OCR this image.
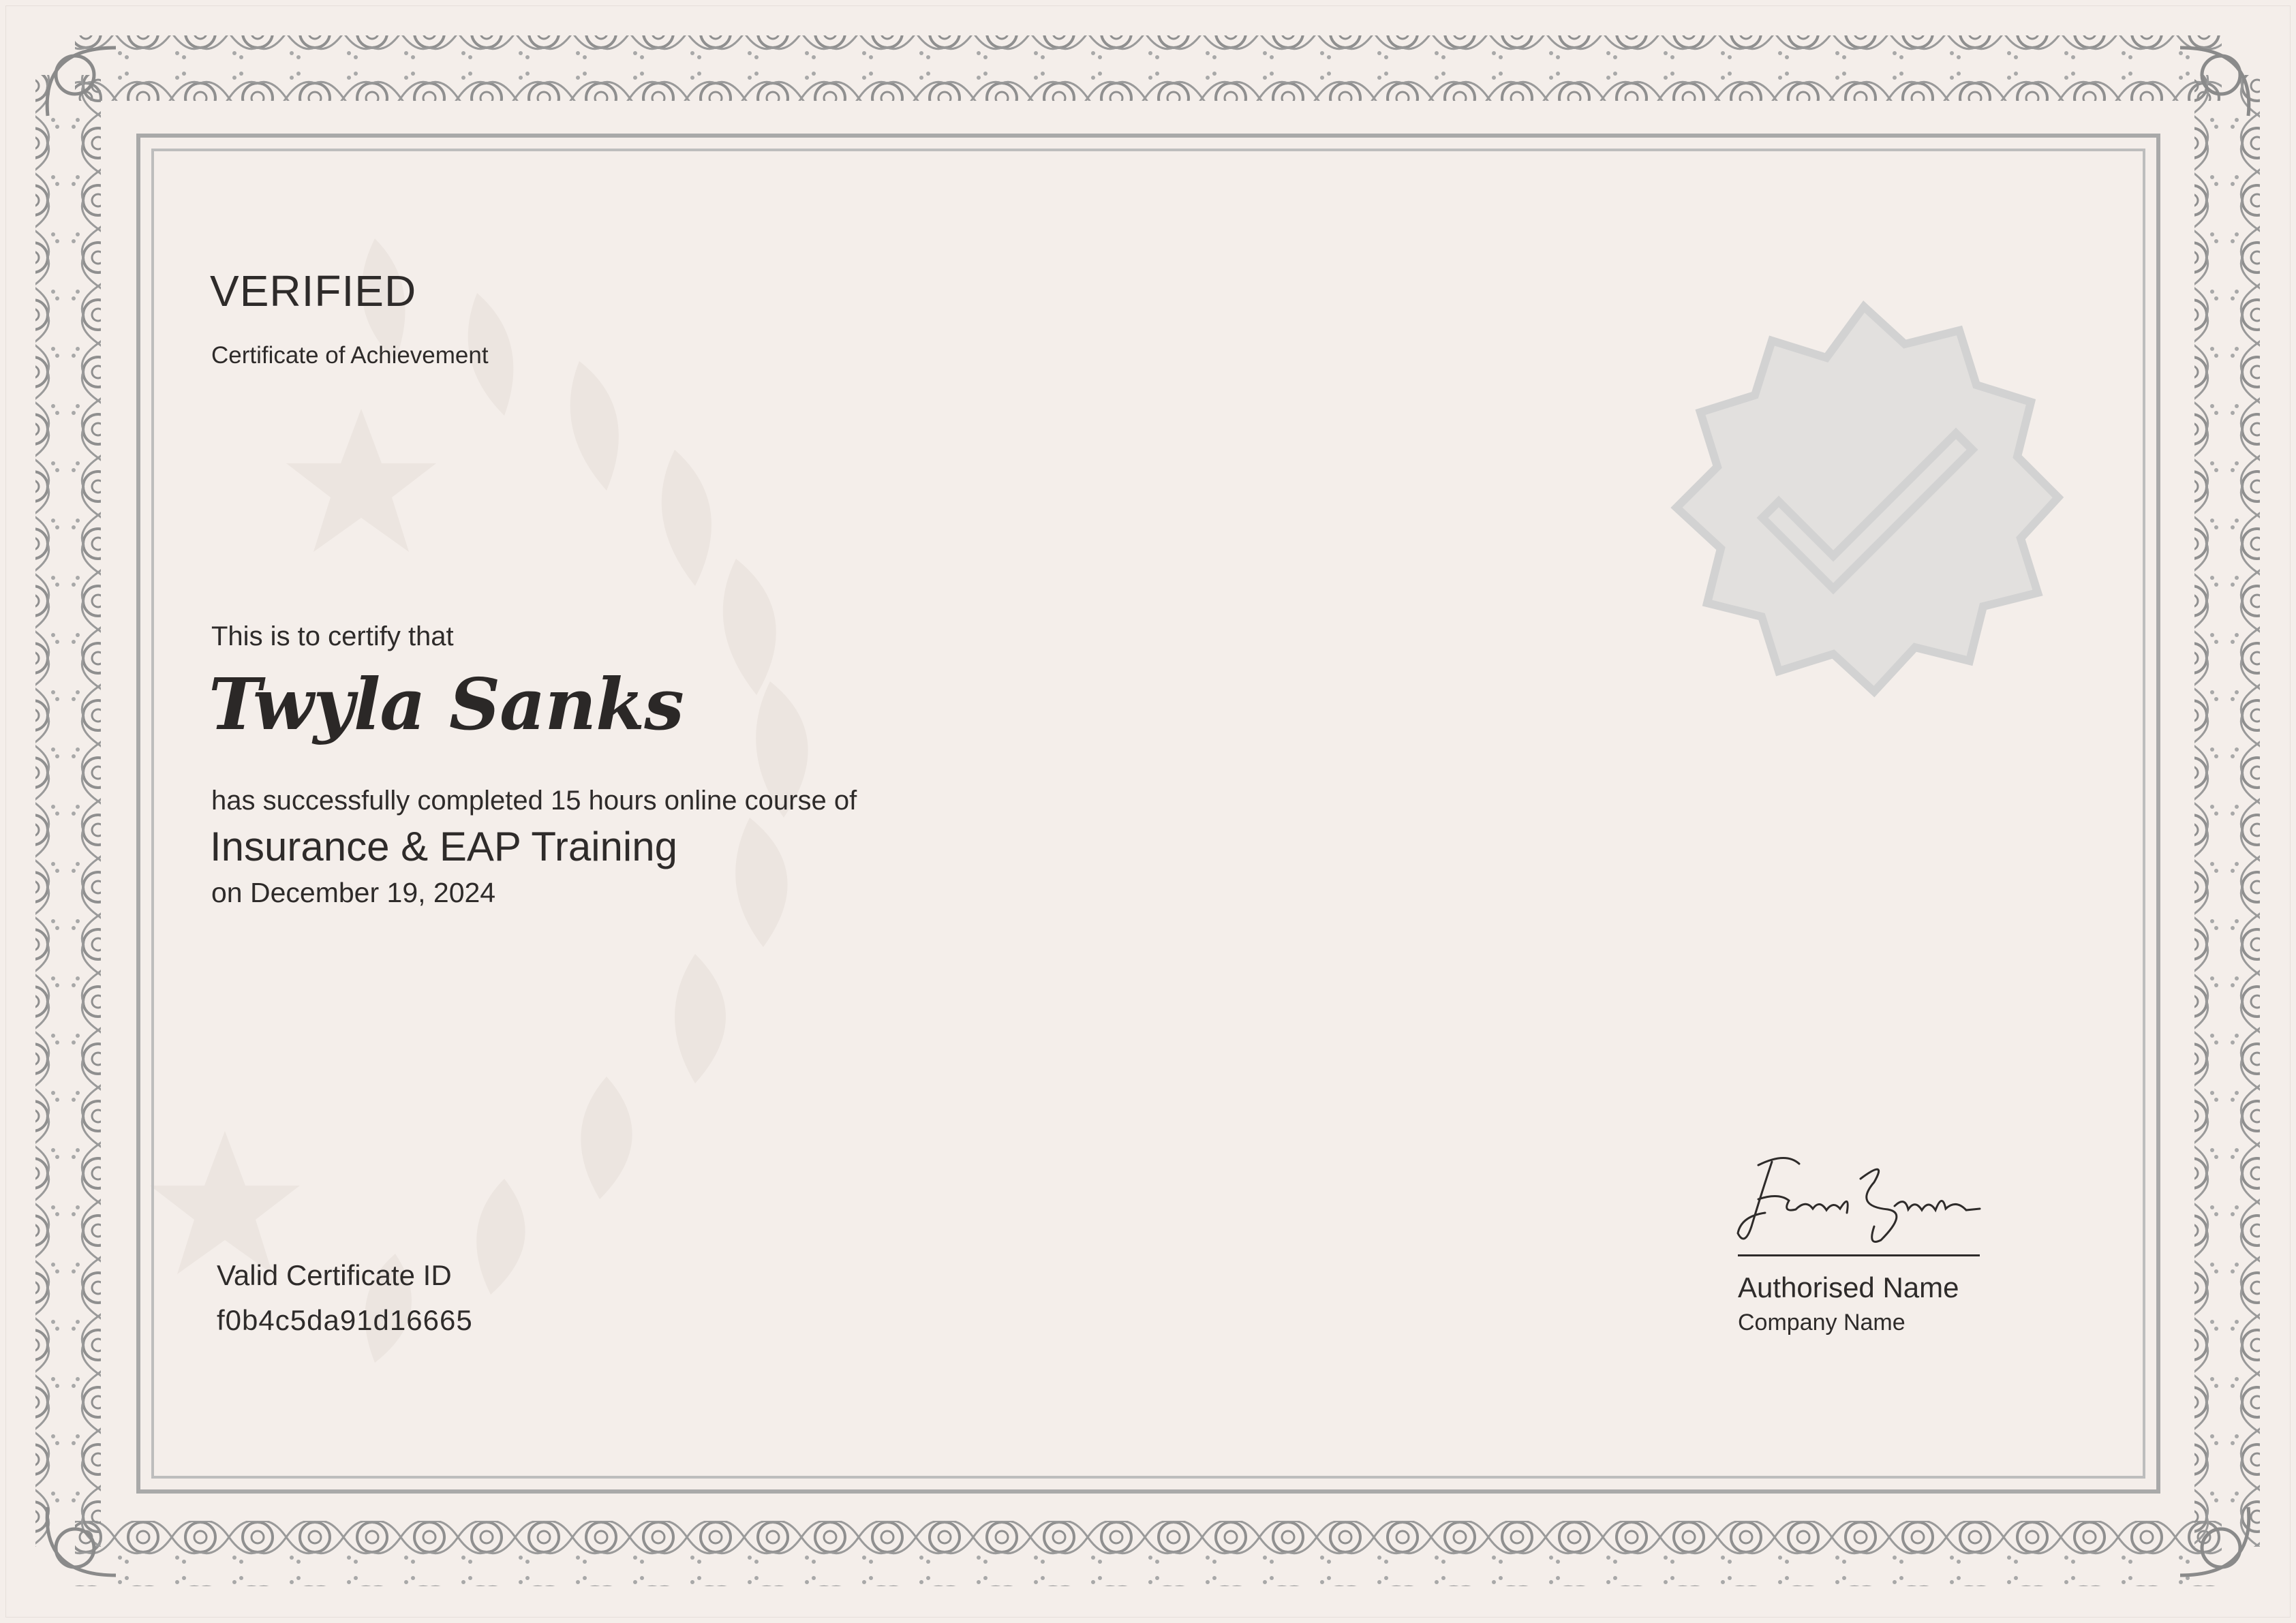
VERIFIED
Certificate of Achievement
This is to certify that
Twyla Sanks
has successfully completed 15 hours online course of
Insurance & EAP Training
on December 19, 2024
Valid Certificate ID
f0b4c5da91d16665
Authorised Name
Company Name
